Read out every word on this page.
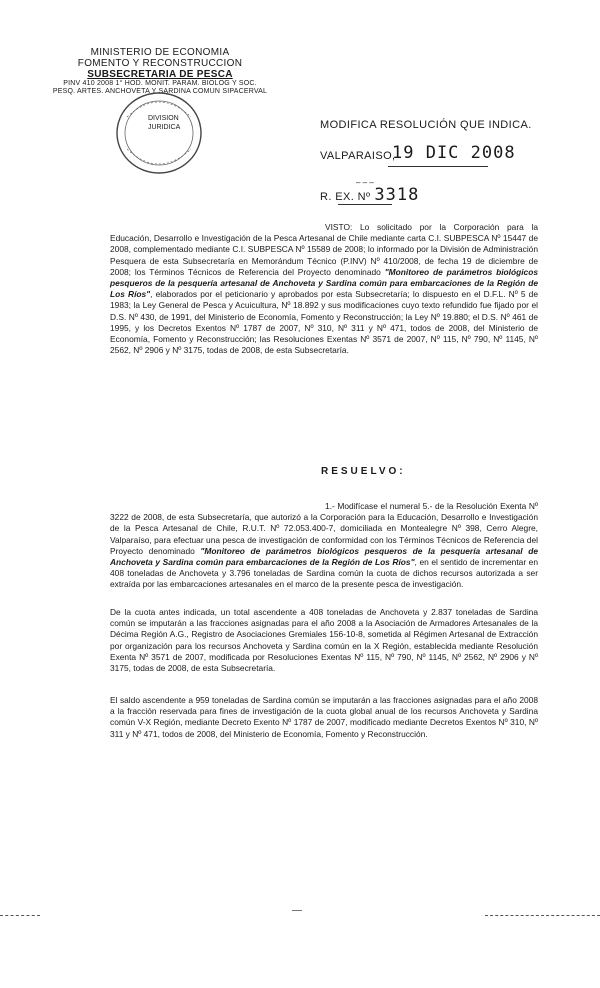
MINISTERIO DE ECONOMIA
FOMENTO Y RECONSTRUCCION
SUBSECRETARIA DE PESCA
PINV 410 2008 1° HOD. MONIT. PARAM. BIOLOG Y SOC.
PESQ. ARTES. ANCHOVETA Y SARDINA COMUN SIPACERVAL
DIVISION
JURIDICA	MODIFICA RESOLUCIÓN QUE INDICA.
VALPARAISO,
19 DIC 2008
‒ ‒ ‒
R. EX. Nº 3318
VISTO: Lo solicitado por la Corporación para la Educación, Desarrollo e Investigación de la Pesca Artesanal de Chile mediante carta C.I. SUBPESCA Nº 15447 de 2008, complementado mediante C.I. SUBPESCA Nº 15589 de 2008; lo informado por la División de Administración Pesquera de esta Subsecretaría en Memorándum Técnico (P.INV) Nº 410/2008, de fecha 19 de diciembre de 2008; los Términos Técnicos de Referencia del Proyecto denominado "Monitoreo de parámetros biológicos pesqueros de la pesquería artesanal de Anchoveta y Sardina común para embarcaciones de la Región de Los Ríos", elaborados por el peticionario y aprobados por esta Subsecretaría; lo dispuesto en el D.F.L. Nº 5 de 1983; la Ley General de Pesca y Acuicultura, Nº 18.892 y sus modificaciones cuyo texto refundido fue fijado por el D.S. Nº 430, de 1991, del Ministerio de Economía, Fomento y Reconstrucción; la Ley Nº 19.880; el D.S. Nº 461 de 1995, y los Decretos Exentos Nº 1787 de 2007, Nº 310, Nº 311 y Nº 471, todos de 2008, del Ministerio de Economía, Fomento y Reconstrucción; las Resoluciones Exentas Nº 3571 de 2007, Nº 115, Nº 790, Nº 1145, Nº 2562, Nº 2906 y Nº 3175, todas de 2008, de esta Subsecretaría.
RESUELVO:
1.- Modifícase el numeral 5.- de la Resolución Exenta Nº 3222 de 2008, de esta Subsecretaría, que autorizó a la Corporación para la Educación, Desarrollo e Investigación de la Pesca Artesanal de Chile, R.U.T. Nº 72.053.400-7, domiciliada en Montealegre Nº 398, Cerro Alegre, Valparaíso, para efectuar una pesca de investigación de conformidad con los Términos Técnicos de Referencia del Proyecto denominado "Monitoreo de parámetros biológicos pesqueros de la pesquería artesanal de Anchoveta y Sardina común para embarcaciones de la Región de Los Ríos", en el sentido de incrementar en 408 toneladas de Anchoveta y 3.796 toneladas de Sardina común la cuota de dichos recursos autorizada a ser extraída por las embarcaciones artesanales en el marco de la presente pesca de investigación.
De la cuota antes indicada, un total ascendente a 408 toneladas de Anchoveta y 2.837 toneladas de Sardina común se imputarán a las fracciones asignadas para el año 2008 a la Asociación de Armadores Artesanales de la Décima Región A.G., Registro de Asociaciones Gremiales 156-10-8, sometida al Régimen Artesanal de Extracción por organización para los recursos Anchoveta y Sardina común en la X Región, establecida mediante Resolución Exenta Nº 3571 de 2007, modificada por Resoluciones Exentas Nº 115, Nº 790, Nº 1145, Nº 2562, Nº 2906 y Nº 3175, todas de 2008, de esta Subsecretaría.
El saldo ascendente a 959 toneladas de Sardina común se imputarán a las fracciones asignadas para el año 2008 a la fracción reservada para fines de investigación de la cuota global anual de los recursos Anchoveta y Sardina común V-X Región, mediante Decreto Exento Nº 1787 de 2007, modificado mediante Decretos Exentos Nº 310, Nº 311 y Nº 471, todos de 2008, del Ministerio de Economía, Fomento y Reconstrucción.
